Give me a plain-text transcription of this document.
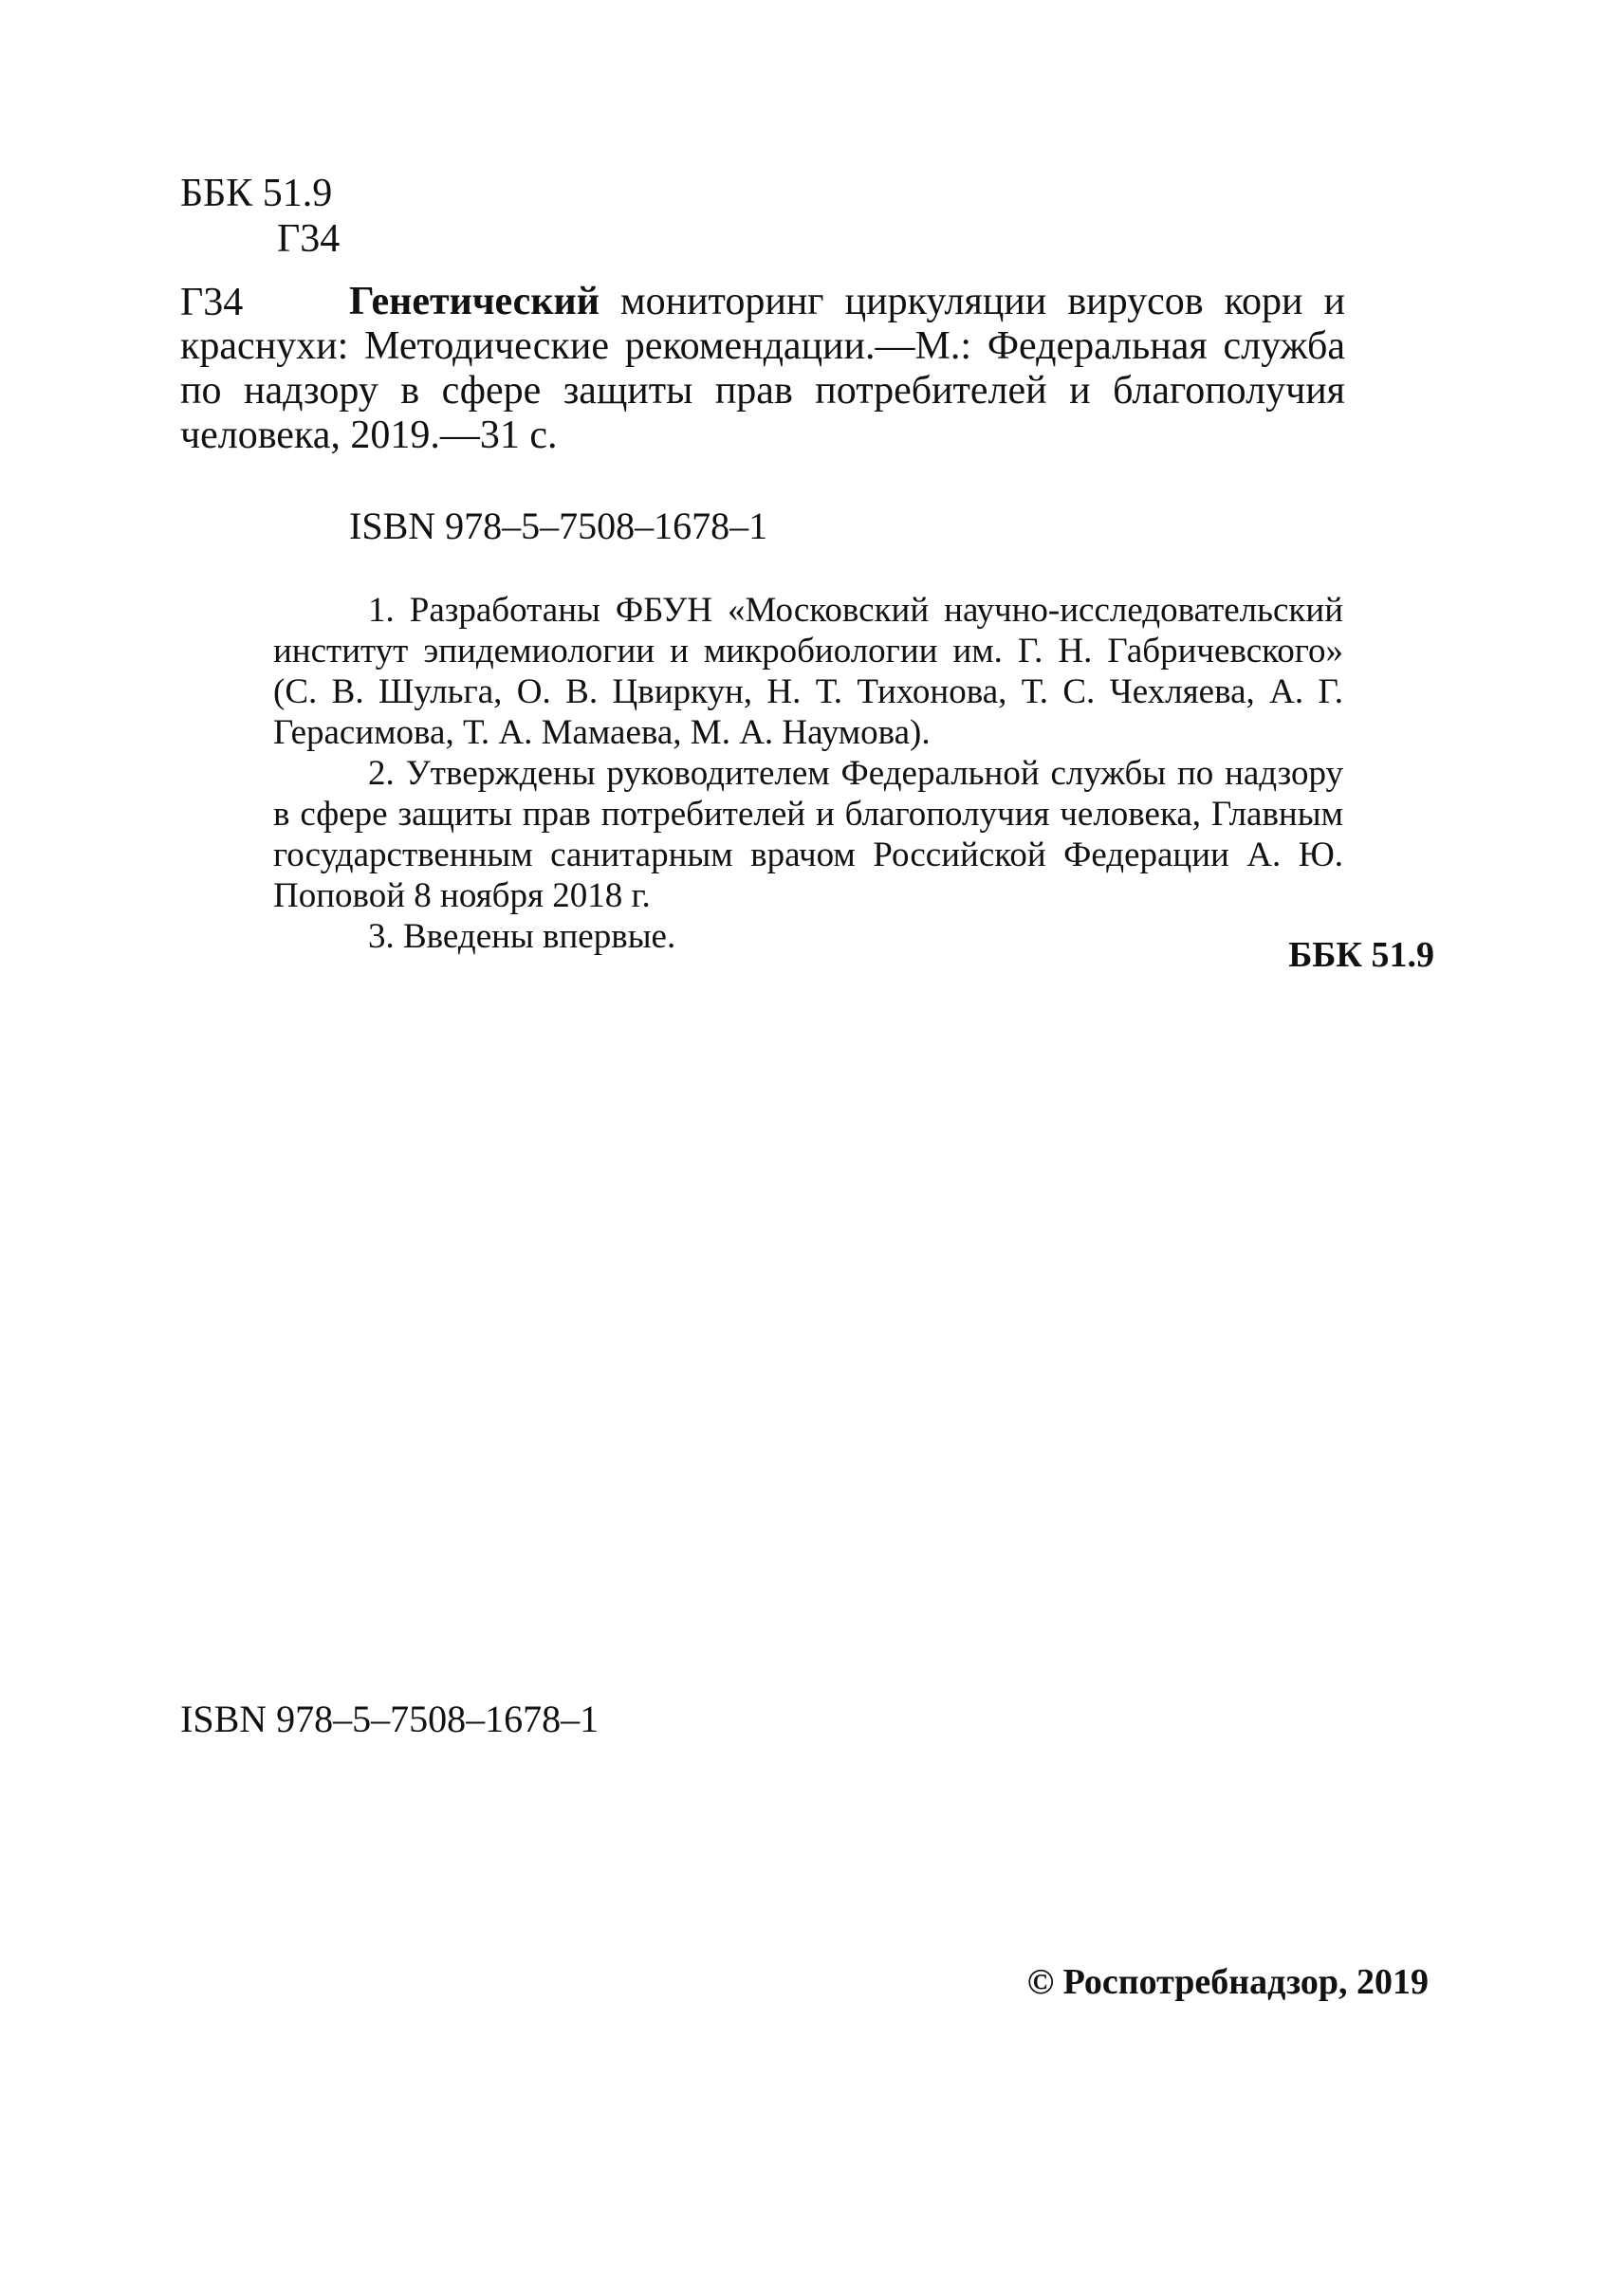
ББК 51.9
Г34
Генетический мониторинг циркуляции вирусов кори и краснухи: Методические рекомендации.—М.: Федеральная служба по надзору в сфере защиты прав потребителей и благополучия человека, 2019.—31 с.
Г34
ISBN 978–5–7508–1678–1

1. Разработаны ФБУН «Московский научно-исследовательский институт эпидемиологии и микробиологии им. Г. Н. Габричевского» (С. В. Шульга, О. В. Цвиркун, Н. Т. Тихонова, Т. С. Чехляева, А. Г. Герасимова, Т. А. Мамаева, М. А. Наумова).

2. Утверждены руководителем Федеральной службы по надзору в сфере защиты прав потребителей и благополучия человека, Главным государственным санитарным врачом Российской Федерации А. Ю. Поповой 8 ноября 2018 г.

3. Введены впервые.	ББК 51.9
ISBN 978–5–7508–1678–1
© Роспотребнадзор, 2019
